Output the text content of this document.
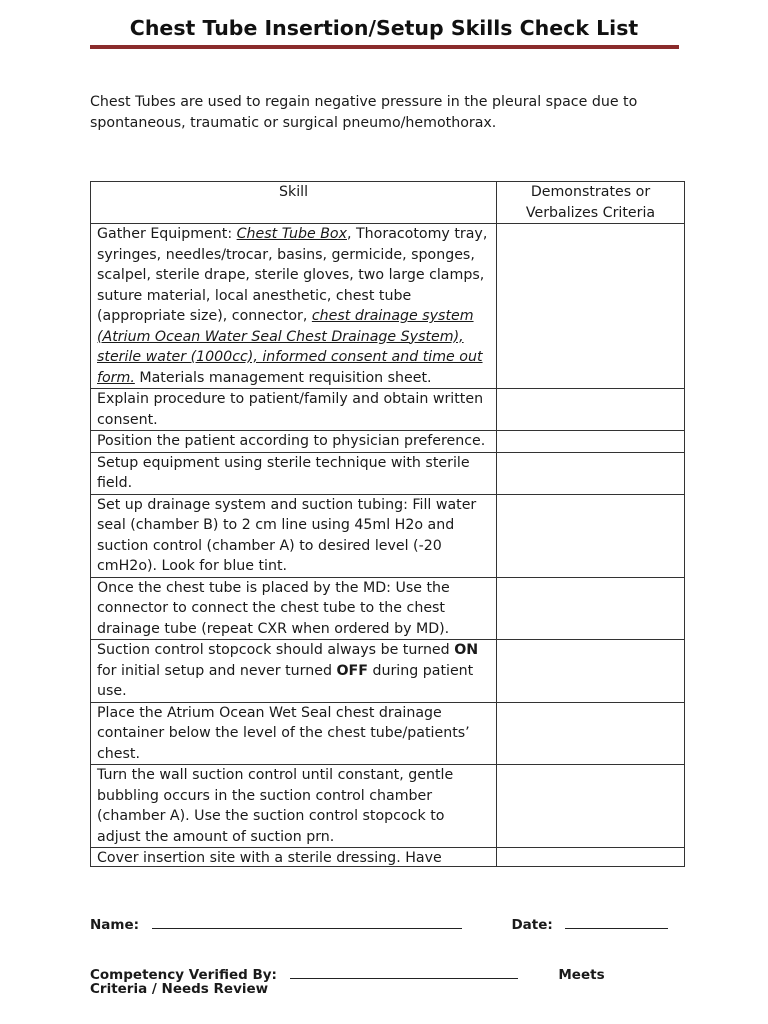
Chest Tube Insertion/Setup Skills Check List

Chest Tubes are used to regain negative pressure in the pleural space due to

spontaneous, traumatic or surgical pneumo/hemothorax.

Skill	Demonstrates or
Verbalizes Criteria

Gather Equipment: Chest Tube Box, Thoracotomy tray, syringes, needles/trocar, basins, germicide, sponges, scalpel, sterile drape, sterile gloves, two large clamps, suture material, local anesthetic, chest tube (appropriate size), connector, chest drainage system (Atrium Ocean Water Seal Chest Drainage System), sterile water (1000cc), informed consent and time out form. Materials management requisition sheet.	
Explain procedure to patient/family and obtain written consent.	
Position the patient according to physician preference.	
Setup equipment using sterile technique with sterile field.	
Set up drainage system and suction tubing: Fill water seal (chamber B) to 2 cm line using 45ml H2o and suction control (chamber A) to desired level (-20 cmH2o). Look for blue tint.	
Once the chest tube is placed by the MD: Use the connector to connect the chest tube to the chest drainage tube (repeat CXR when ordered by MD).	
Suction control stopcock should always be turned ON for initial setup and never turned OFF during patient use.	
Place the Atrium Ocean Wet Seal chest drainage container below the level of the chest tube/patients’ chest.	
Turn the wall suction control until constant, gentle bubbling occurs in the suction control chamber (chamber A). Use the suction control stopcock to adjust the amount of suction prn.	

Cover insertion site with a sterile dressing. Have	

Name:	Date:
Competency Verified By:	Meets
Criteria / Needs Review
